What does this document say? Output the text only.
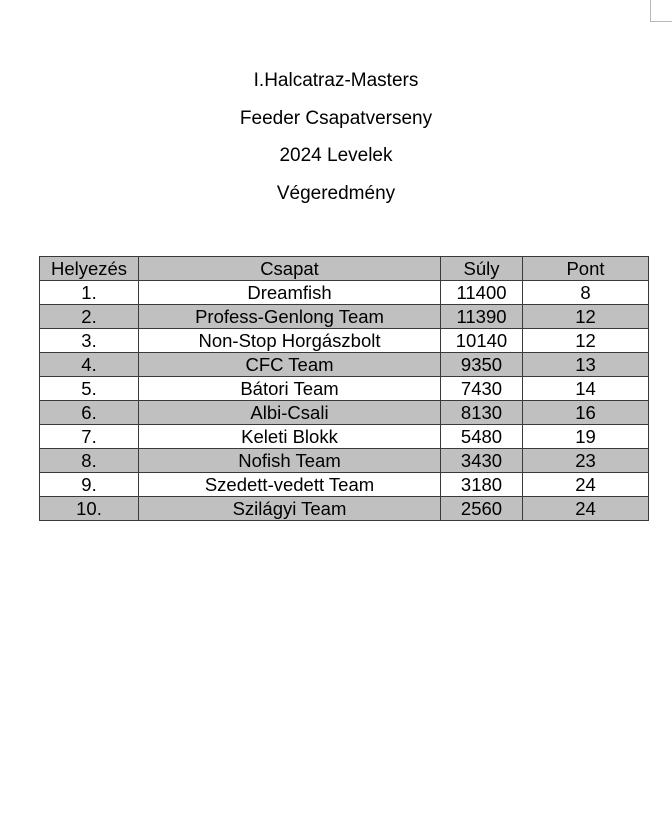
I.Halcatraz-Masters
Feeder Csapatverseny
2024 Levelek
Végeredmény
Helyezés	Csapat	Súly	Pont
1.	Dreamfish	11400	8
2.	Profess-Genlong Team	11390	12
3.	Non-Stop Horgászbolt	10140	12
4.	CFC Team	9350	13
5.	Bátori Team	7430	14
6.	Albi-Csali	8130	16
7.	Keleti Blokk	5480	19
8.	Nofish Team	3430	23
9.	Szedett-vedett Team	3180	24
10.	Szilágyi Team	2560	24
